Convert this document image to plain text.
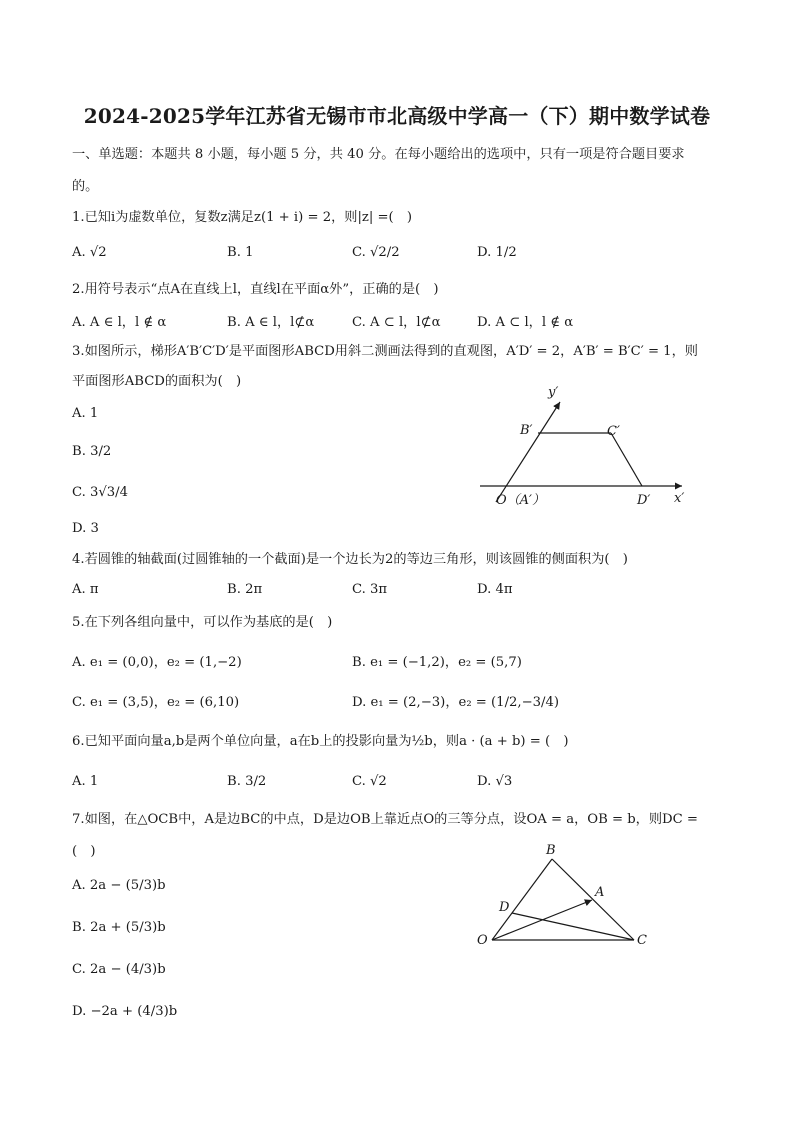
2024-2025学年江苏省无锡市市北高级中学高一（下）期中数学试卷
一、单选题：本题共 8 小题，每小题 5 分，共 40 分。在每小题给出的选项中，只有一项是符合题目要求
的。
1.已知i为虚数单位，复数z满足z(1 + i) = 2，则|z| =(　)
A. √2	B. 1	C. √2/2	D. 1/2
2.用符号表示“点A在直线上l，直线l在平面α外”，正确的是(　)
A. A ∈ l，l ∉ α	B. A ∈ l，l⊄α	C. A ⊂ l，l⊄α	D. A ⊂ l，l ∉ α
3.如图所示，梯形A′B′C′D′是平面图形ABCD用斜二测画法得到的直观图，A′D′ = 2，A′B′ = B′C′ = 1，则
平面图形ABCD的面积为(　)
A. 1
B. 3/2
C. 3√3/4
D. 3
y′
x′
B′	C′
O（A′）	D′
4.若圆锥的轴截面(过圆锥轴的一个截面)是一个边长为2的等边三角形，则该圆锥的侧面积为(　)
A. π	B. 2π	C. 3π	D. 4π
5.在下列各组向量中，可以作为基底的是(　)
A. e₁ = (0,0)，e₂ = (1,−2)	B. e₁ = (−1,2)，e₂ = (5,7)
C. e₁ = (3,5)，e₂ = (6,10)	D. e₁ = (2,−3)，e₂ = (1/2,−3/4)
6.已知平面向量a,b是两个单位向量，a在b上的投影向量为½b，则a · (a + b) = (　)
A. 1	B. 3/2	C. √2	D. √3
7.如图，在△OCB中，A是边BC的中点，D是边OB上靠近点O的三等分点，设OA = a，OB = b，则DC =
(　)
A. 2a − (5/3)b
B. 2a + (5/3)b
C. 2a − (4/3)b
D. −2a + (4/3)b
B
A
D
O	C
